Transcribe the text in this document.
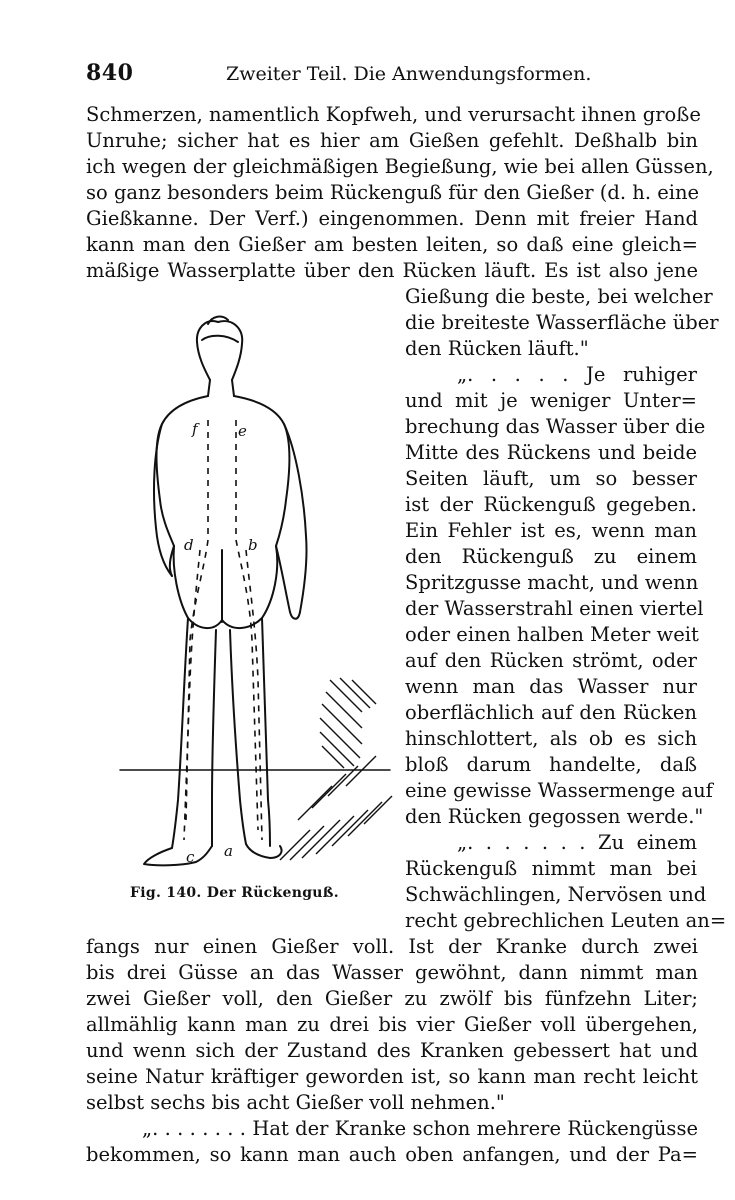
840	Zweiter Teil. Die Anwendungsformen.
Schmerzen, namentlich Kopfweh, und verursacht ihnen große
Unruhe; sicher hat es hier am Gießen gefehlt. Deßhalb bin
ich wegen der gleichmäßigen Begießung, wie bei allen Güssen,
so ganz besonders beim Rückenguß für den Gießer (d. h. eine
Gießkanne. Der Verf.) eingenommen. Denn mit freier Hand
kann man den Gießer am besten leiten, so daß eine gleich=
mäßige Wasserplatte über den Rücken läuft. Es ist also jene
Gießung die beste, bei welcher
die breiteste Wasserfläche über
den Rücken läuft."
„. . . . . Je ruhiger
und mit je weniger Unter=
brechung das Wasser über die
Mitte des Rückens und beide
Seiten läuft, um so besser
ist der Rückenguß gegeben.
Ein Fehler ist es, wenn man
den Rückenguß zu einem
Spritzgusse macht, und wenn
der Wasserstrahl einen viertel
oder einen halben Meter weit
auf den Rücken strömt, oder
wenn man das Wasser nur
oberflächlich auf den Rücken
hinschlottert, als ob es sich
bloß darum handelte, daß
eine gewisse Wassermenge auf
den Rücken gegossen werde."
„. . . . . . . Zu einem
Rückenguß nimmt man bei
Schwächlingen, Nervösen und
recht gebrechlichen Leuten an=
fangs nur einen Gießer voll. Ist der Kranke durch zwei
bis drei Güsse an das Wasser gewöhnt, dann nimmt man
zwei Gießer voll, den Gießer zu zwölf bis fünfzehn Liter;
allmählig kann man zu drei bis vier Gießer voll übergehen,
und wenn sich der Zustand des Kranken gebessert hat und
seine Natur kräftiger geworden ist, so kann man recht leicht
selbst sechs bis acht Gießer voll nehmen."
„. . . . . . . . Hat der Kranke schon mehrere Rückengüsse
bekommen, so kann man auch oben anfangen, und der Pa=
f	e
d	b
c a
Fig. 140. Der Rückenguß.
